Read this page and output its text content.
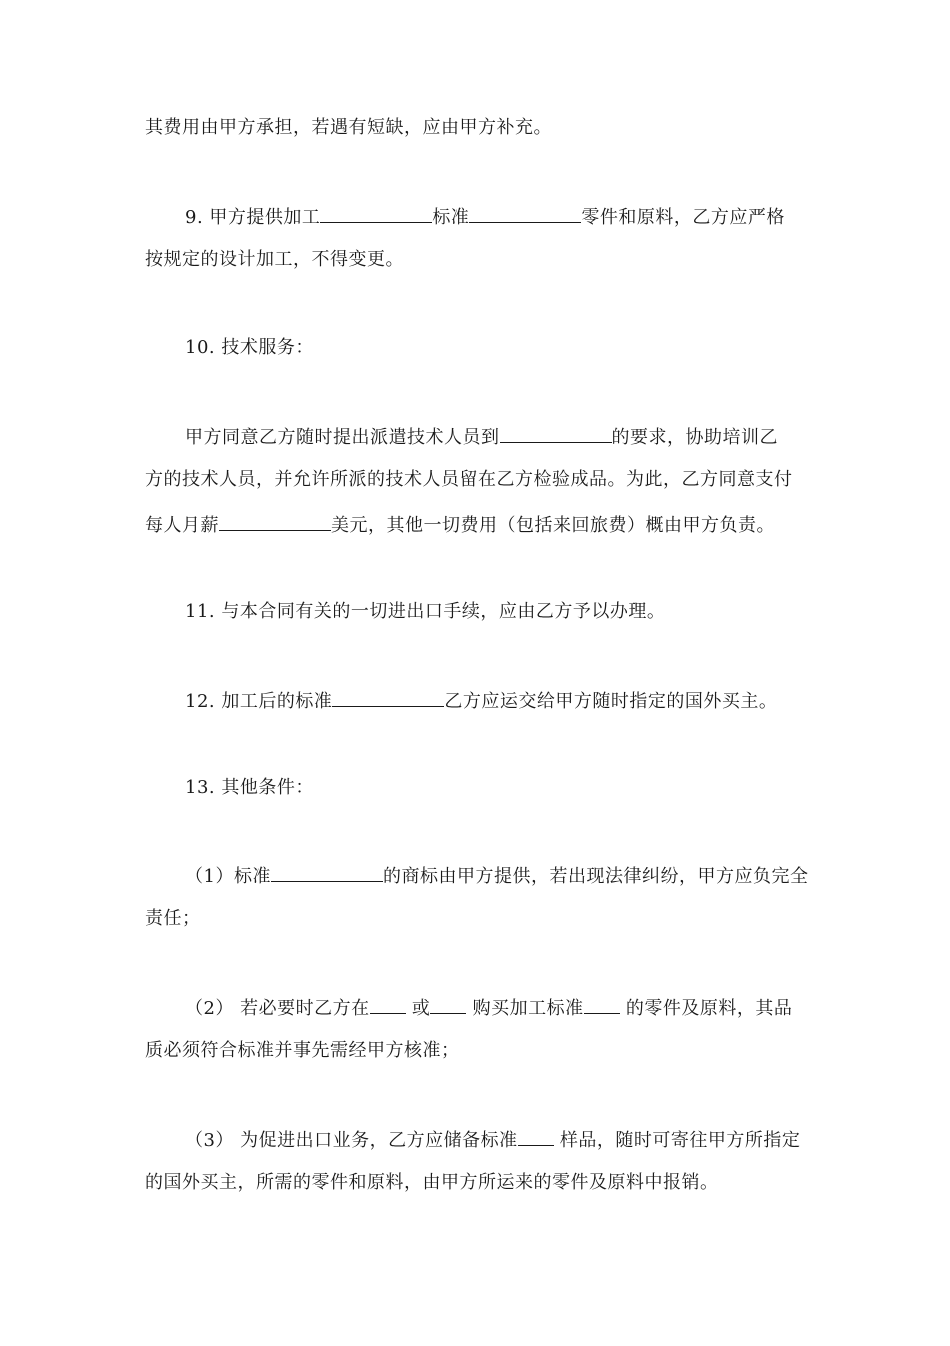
其费用由甲方承担，若遇有短缺，应由甲方补充。
9. 甲方提供加工	标准	零件和原料，乙方应严格
按规定的设计加工，不得变更。
10. 技术服务：
甲方同意乙方随时提出派遣技术人员到	的要求，协助培训乙
方的技术人员，并允许所派的技术人员留在乙方检验成品。为此，乙方同意支付
每人月薪	美元，其他一切费用（包括来回旅费）概由甲方负责。
11. 与本合同有关的一切进出口手续，应由乙方予以办理。
12. 加工后的标准	乙方应运交给甲方随时指定的国外买主。
13. 其他条件：
（1）标准	的商标由甲方提供，若出现法律纠纷，甲方应负完全
责任；
（2） 若必要时乙方在 或 购买加工标准 的零件及原料，其品
质必须符合标准并事先需经甲方核准；
（3） 为促进出口业务，乙方应储备标准 样品，随时可寄往甲方所指定
的国外买主，所需的零件和原料，由甲方所运来的零件及原料中报销。
